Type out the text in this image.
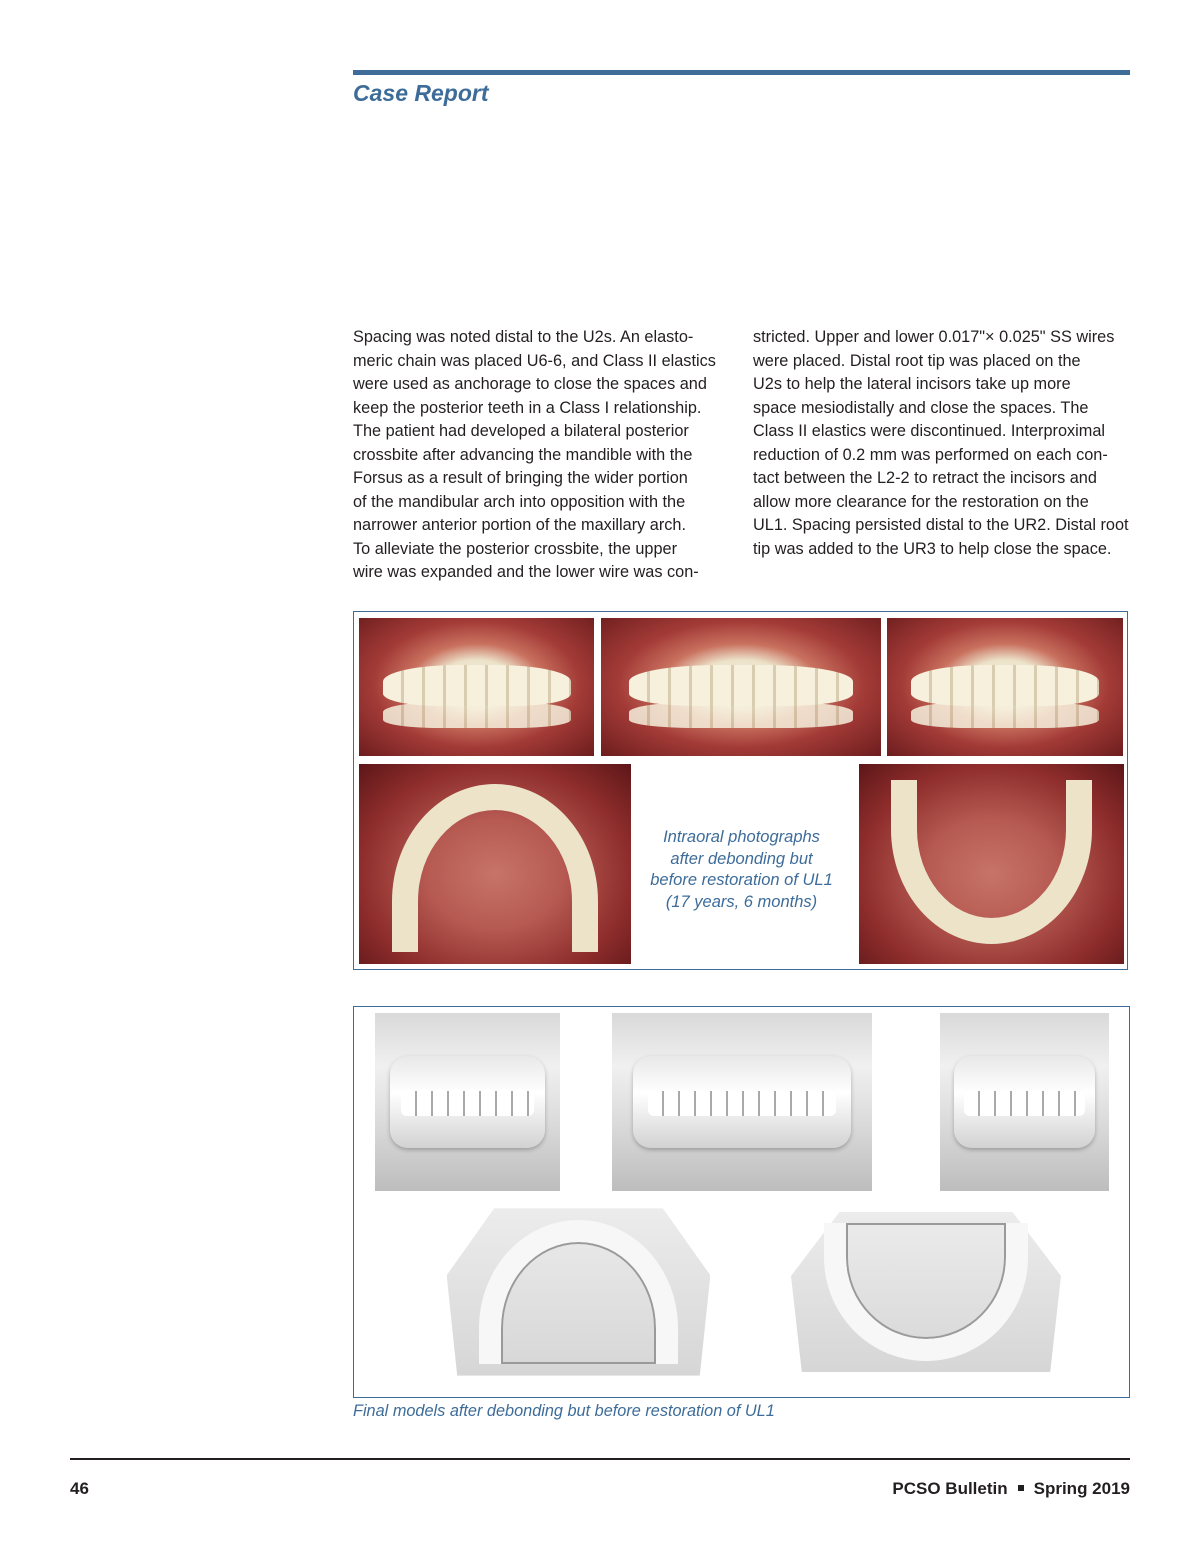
Case Report
Spacing was noted distal to the U2s. An elasto-
meric chain was placed U6-6, and Class II elastics
were used as anchorage to close the spaces and
keep the posterior teeth in a Class I relationship.
The patient had developed a bilateral posterior
crossbite after advancing the mandible with the
Forsus as a result of bringing the wider portion
of the mandibular arch into opposition with the
narrower anterior portion of the maxillary arch.
To alleviate the posterior crossbite, the upper
wire was expanded and the lower wire was con-
stricted. Upper and lower 0.017"× 0.025" SS wires
were placed. Distal root tip was placed on the
U2s to help the lateral incisors take up more
space mesiodistally and close the spaces. The
Class II elastics were discontinued. Interproximal
reduction of 0.2 mm was performed on each con-
tact between the L2-2 to retract the incisors and
allow more clearance for the restoration on the
UL1. Spacing persisted distal to the UR2. Distal root
tip was added to the UR3 to help close the space.
Intraoral photographs
after debonding but
before restoration of UL1
(17 years, 6 months)
Final models after debonding but before restoration of UL1
46	PCSO Bulletin Spring 2019
